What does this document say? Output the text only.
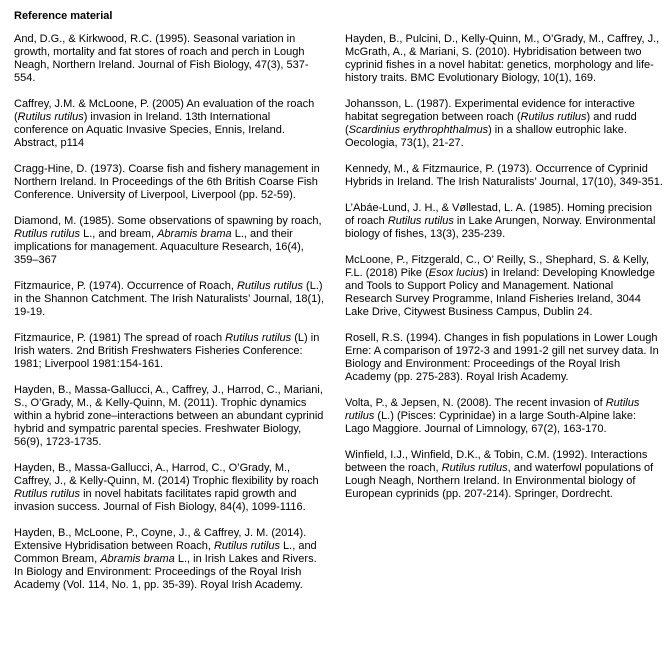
Reference material

And, D.G., & Kirkwood, R.C. (1995). Seasonal variation in growth, mortality and fat stores of roach and perch in Lough Neagh, Northern Ireland. Journal of Fish Biology, 47(3), 537-554.

Caffrey, J.M. & McLoone, P. (2005) An evaluation of the roach (Rutilus rutilus) invasion in Ireland. 13th International conference on Aquatic Invasive Species, Ennis, Ireland. Abstract, p114

Cragg-Hine, D. (1973). Coarse fish and fishery management in Northern Ireland. In Proceedings of the 6th British Coarse Fish Conference. University of Liverpool, Liverpool (pp. 52-59).

Diamond, M. (1985). Some observations of spawning by roach, Rutilus rutilus L., and bream, Abramis brama L., and their implications for management. Aquaculture Research, 16(4), 359–367

Fitzmaurice, P. (1974). Occurrence of Roach, Rutilus rutilus (L.) in the Shannon Catchment. The Irish Naturalists’ Journal, 18(1), 19-19.

Fitzmaurice, P. (1981) The spread of roach Rutilus rutilus (L) in Irish waters. 2nd British Freshwaters Fisheries Conference: 1981; Liverpool 1981:154-161.

Hayden, B., Massa-Gallucci, A., Caffrey, J., Harrod, C., Mariani, S., O’Grady, M., & Kelly-Quinn, M. (2011). Trophic dynamics within a hybrid zone–interactions between an abundant cyprinid hybrid and sympatric parental species. Freshwater Biology, 56(9), 1723-1735.

Hayden, B., Massa-Gallucci, A., Harrod, C., O’Grady, M., Caffrey, J., & Kelly-Quinn, M. (2014) Trophic flexibility by roach Rutilus rutilus in novel habitats facilitates rapid growth and invasion success. Journal of Fish Biology, 84(4), 1099-1116.

Hayden, B., McLoone, P., Coyne, J., & Caffrey, J. M. (2014). Extensive Hybridisation between Roach, Rutilus rutilus L., and Common Bream, Abramis brama L., in Irish Lakes and Rivers. In Biology and Environment: Proceedings of the Royal Irish Academy (Vol. 114, No. 1, pp. 35-39). Royal Irish Academy.

Hayden, B., Pulcini, D., Kelly-Quinn, M., O’Grady, M., Caffrey, J., McGrath, A., & Mariani, S. (2010). Hybridisation between two cyprinid fishes in a novel habitat: genetics, morphology and life-history traits. BMC Evolutionary Biology, 10(1), 169.

Johansson, L. (1987). Experimental evidence for interactive habitat segregation between roach (Rutilus rutilus) and rudd (Scardinius erythrophthalmus) in a shallow eutrophic lake. Oecologia, 73(1), 21-27.

Kennedy, M., & Fitzmaurice, P. (1973). Occurrence of Cyprinid Hybrids in Ireland. The Irish Naturalists’ Journal, 17(10), 349-351.

L’Abáe-Lund, J. H., & Vøllestad, L. A. (1985). Homing precision of roach Rutilus rutilus in Lake Arungen, Norway. Environmental biology of fishes, 13(3), 235-239.

McLoone, P., Fitzgerald, C., O’ Reilly, S., Shephard, S. & Kelly, F.L. (2018) Pike (Esox lucius) in Ireland: Developing Knowledge and Tools to Support Policy and Management. National Research Survey Programme, Inland Fisheries Ireland, 3044 Lake Drive, Citywest Business Campus, Dublin 24.

Rosell, R.S. (1994). Changes in fish populations in Lower Lough Erne: A comparison of 1972-3 and 1991-2 gill net survey data. In Biology and Environment: Proceedings of the Royal Irish Academy (pp. 275-283). Royal Irish Academy.

Volta, P., & Jepsen, N. (2008). The recent invasion of Rutilus rutilus (L.) (Pisces: Cyprinidae) in a large South-Alpine lake: Lago Maggiore. Journal of Limnology, 67(2), 163-170.

Winfield, I.J., Winfield, D.K., & Tobin, C.M. (1992). Interactions between the roach, Rutilus rutilus, and waterfowl populations of Lough Neagh, Northern Ireland. In Environmental biology of European cyprinids (pp. 207-214). Springer, Dordrecht.
